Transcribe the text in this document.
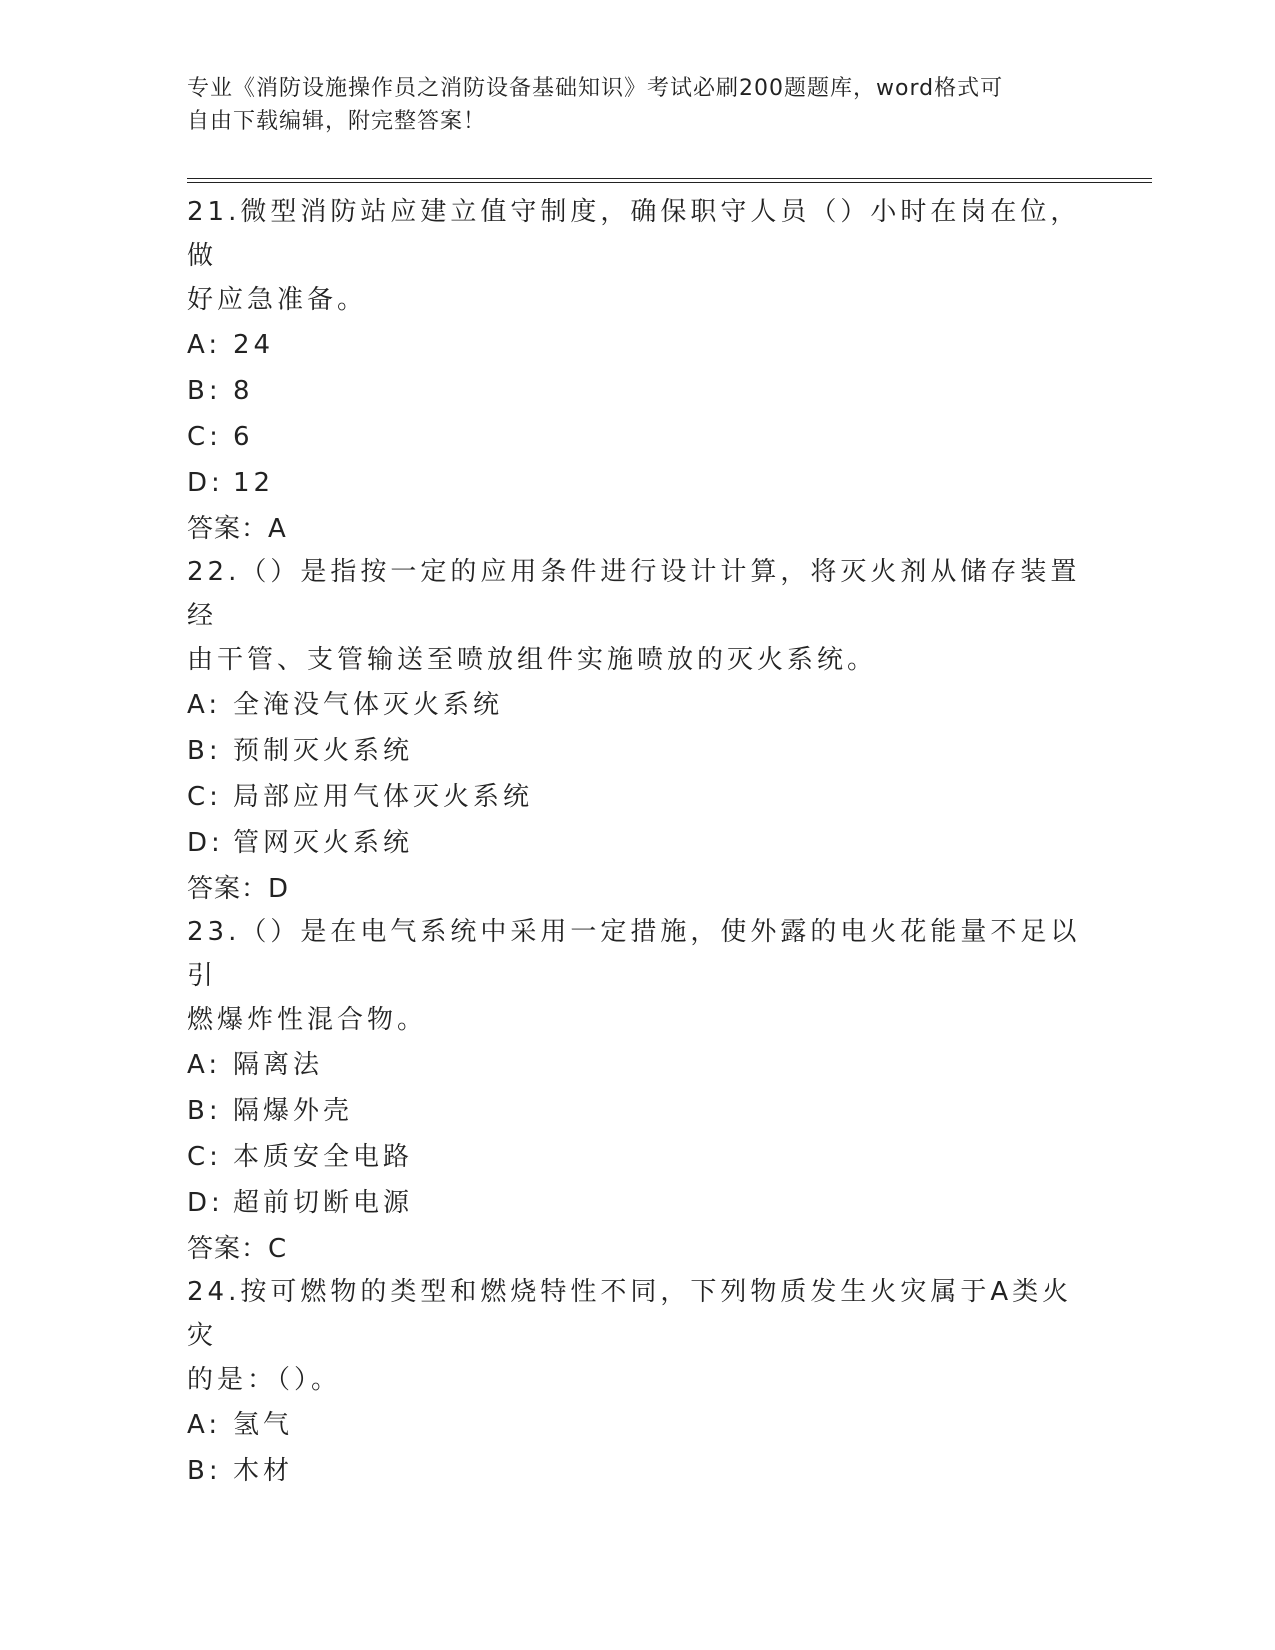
专业《消防设施操作员之消防设备基础知识》考试必刷200题题库，word格式可
自由下载编辑，附完整答案！
21.微型消防站应建立值守制度，确保职守人员（）小时在岗在位，做
好应急准备。
A: 24
B: 8
C: 6
D: 12
答案：A
22.（）是指按一定的应用条件进行设计计算，将灭火剂从储存装置经
由干管、支管输送至喷放组件实施喷放的灭火系统。
A: 全淹没气体灭火系统
B: 预制灭火系统
C: 局部应用气体灭火系统
D: 管网灭火系统
答案：D
23.（）是在电气系统中采用一定措施，使外露的电火花能量不足以引
燃爆炸性混合物。
A: 隔离法
B: 隔爆外壳
C: 本质安全电路
D: 超前切断电源
答案：C
24.按可燃物的类型和燃烧特性不同，下列物质发生火灾属于A类火灾
的是：（）。
A: 氢气
B: 木材
